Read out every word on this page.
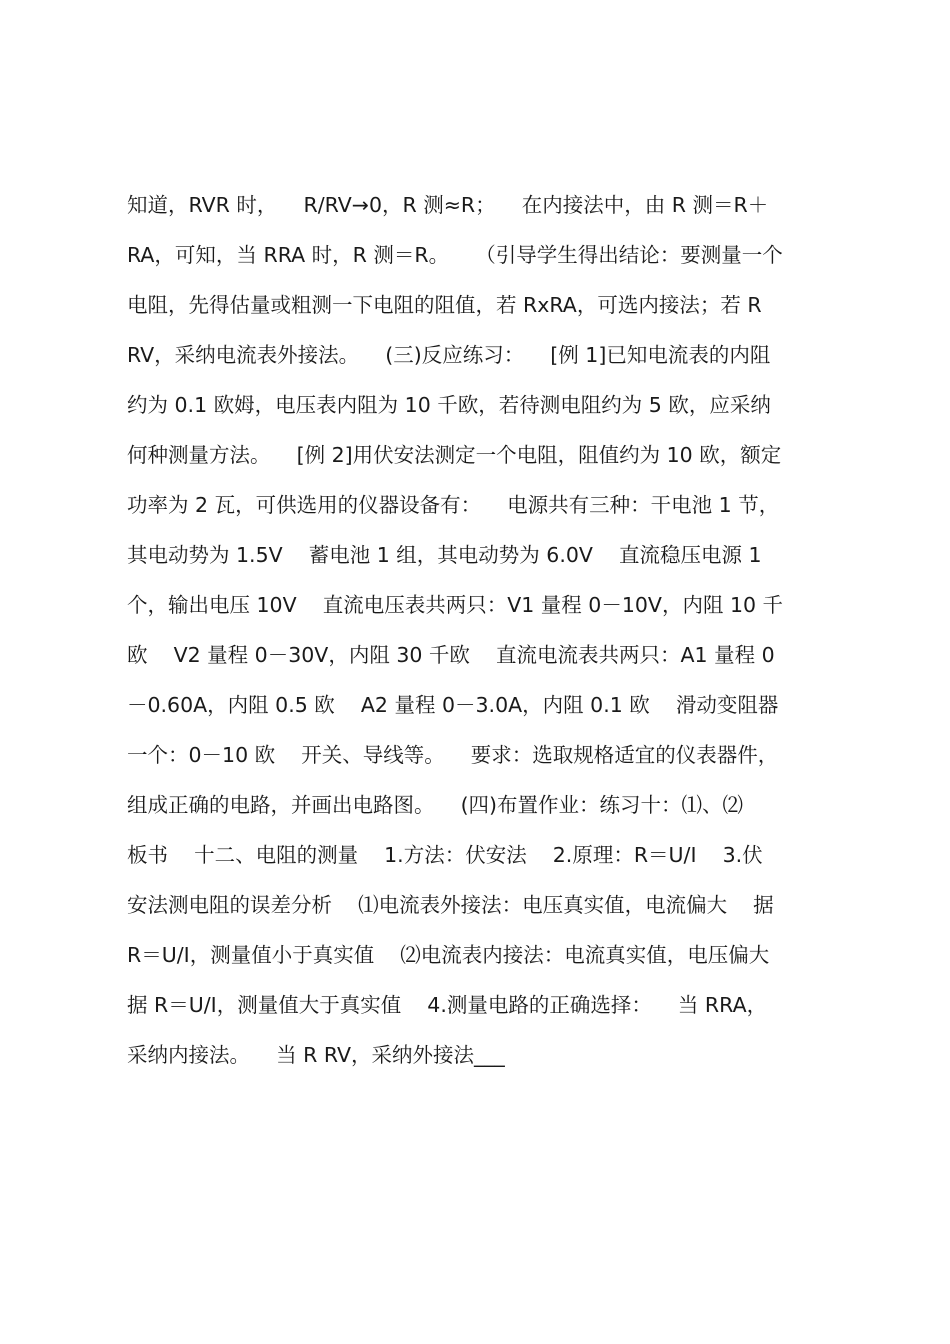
知道，RVR 时，    R/RV→0，R 测≈R；    在内接法中，由 R 测＝R＋
RA，可知，当 RRA 时，R 测＝R。    （引导学生得出结论：要测量一个
电阻，先得估量或粗测一下电阻的阻值，若 RxRA，可选内接法；若 R
RV，采纳电流表外接法。    (三)反应练习：    [例 1]已知电流表的内阻
约为 0.1 欧姆，电压表内阻为 10 千欧，若待测电阻约为 5 欧，应采纳
何种测量方法。    [例 2]用伏安法测定一个电阻，阻值约为 10 欧，额定
功率为 2 瓦，可供选用的仪器设备有：    电源共有三种：干电池 1 节，
其电动势为 1.5V    蓄电池 1 组，其电动势为 6.0V    直流稳压电源 1
个，输出电压 10V    直流电压表共两只：V1 量程 0－10V，内阻 10 千
欧    V2 量程 0－30V，内阻 30 千欧    直流电流表共两只：A1 量程 0
－0.60A，内阻 0.5 欧    A2 量程 0－3.0A，内阻 0.1 欧    滑动变阻器
一个：0－10 欧    开关、导线等。    要求：选取规格适宜的仪表器件，
组成正确的电路，并画出电路图。    (四)布置作业：练习十：⑴、⑵
板书    十二、电阻的测量    1.方法：伏安法    2.原理：R＝U/I    3.伏
安法测电阻的误差分析    ⑴电流表外接法：电压真实值，电流偏大    据
R＝U/I，测量值小于真实值    ⑵电流表内接法：电流真实值，电压偏大
据 R＝U/I，测量值大于真实值    4.测量电路的正确选择：    当 RRA，
采纳内接法。    当 R RV，采纳外接法___
